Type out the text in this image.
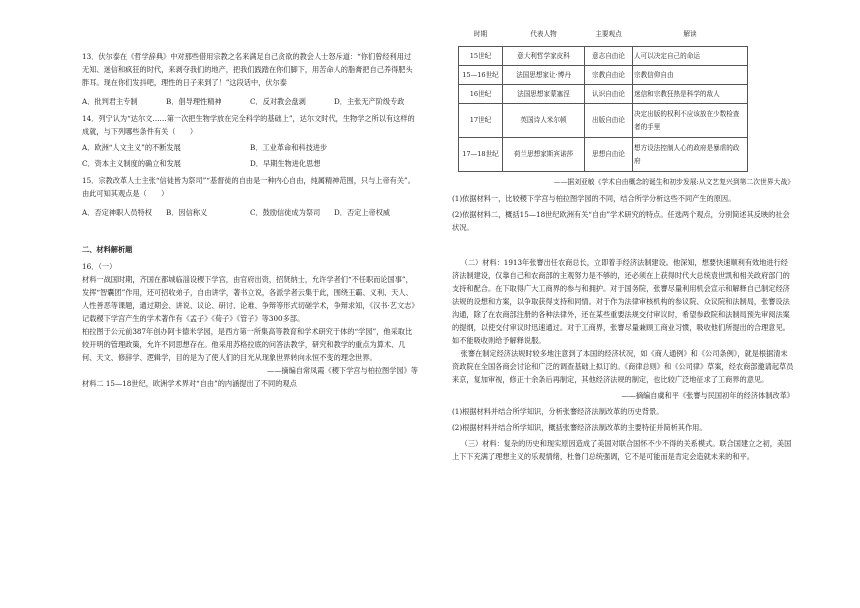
13．伏尔泰在《哲学辞典》中对那些借用宗教之名来满足自己贪欲的教会人士怒斥道：“你们曾经利用过无知、迷信和疯狂的时代，来剥夺我们的地产，把我们践踏在你们脚下，用苦命人的脂膏把自己养得肥头胖耳。现在你们发抖吧，理性的日子来到了！”这段话中，伏尔泰

A．批判君主专制	B．倡导理性精神	C．反对教会盘剥	D．主张无产阶级专政

14．列宁认为“达尔文……第一次把生物学放在完全科学的基础上”，达尔文时代，生物学之所以有这样的成就，与下列哪些条件有关（　　）

A．欧洲“人文主义”的不断发展	B．工业革命和科技进步
C．资本主义制度的确立和发展	D．早期生物进化思想

15．宗教改革人士主张“信徒皆为祭司”“基督徒的自由是一种内心自由，纯属精神范围，只与上帝有关”。由此可知其观点是（　　）

A．否定神职人员特权	B．因信称义	C．鼓励信徒成为祭司	D．否定上帝权威

二、材料解析题

16．（一）

材料一战国时期，齐国在都城临淄设稷下学宫，由官府出资，招贤纳士，允许学者们“不任职而论国事”，发挥“智囊团”作用，还可招收弟子，自由讲学，著书立说，各派学者云集于此，围绕王霸、义利、天人、人性善恶等课题，通过期会、讲说、议论、研讨、论难、争辩等形式切磋学术，争辩求知，《汉书·艺文志》记载稷下学宫产生的学术著作有《孟子》《荀子》《管子》等300多部。

柏拉图于公元前387年创办阿卡德米学园，是西方第一所集高等教育和学术研究于体的“学园”，他采取比较开明的管理政策，允许不同思想存在。他采用苏格拉底的问答法教学，研究和教学的重点为算术、几何、天文、修辞学、逻辑学，目的是为了使人们的目光从现象世界转向永恒不变的理念世界。

——摘编自常凤霞《稷下学宫与柏拉图学园》等

材料二 15—18世纪，欧洲学术界对“自由”的内涵提出了不同的观点

时期	代表人物	主要观点	解读
15世纪	意大利哲学家皮科	意志自由论	人可以决定自己的命运
15—16世纪	法国思想家让·博丹	宗教自由论	宗教信仰自由
16世纪	法国思想家蒙塞涅	认识自由论	迷信和宗教狂热是科学的敌人
17世纪	英国诗人米尔顿	出版自由论	决定出版的权利不应该放在少数检查者的手里
17—18世纪	荷兰思想家斯宾诺莎	思想自由论	想方设法控制人心的政府是暴虐的政府

——据刘亚敏《学术自由概念的诞生和初步发展:从文艺复兴到第二次世界大战》

(1)依据材料一，比较稷下学宫与柏拉图学园的不同，结合所学分析这些不同产生的原因。

(2)依据材料二，概括15—18世纪欧洲有关“自由”学术研究的特点。任选两个观点，分别简述其反映的社会状况。

（二）材料：1913年张謇出任农商总长，立即着手经济法制建设。他深知，想要快速顺利有效地进行经济法制建设，仅靠自己和农商部的主观努力是不够的，还必须在上获得时代大总统袁世凯和相关政府部门的支持和配合。在下取得广大工商界的参与和拥护。对于国务院，张謇尽量利用机会宣示和解释自己制定经济法规的设想和方案，以争取获得支持和同情。对于作为法律审核机构的参议院、众议院和法制局，张謇设法沟通，除了在农商部注册的各种法律外，还在某些重要法规交付审议时，希望参政院和法制局预先审阅法案的提纲，以使交付审议时迅速通过。对于工商界，张謇尽量兼顾工商业习惯，吸收他们所提出的合理意见。如不能吸收则给予解释说服。

张謇在制定经济法规时较多地注意到了本国的经济状况，如《商人通例》和《公司条例》，就是根据清末资政院在全国各商会讨论和广泛的调查基础上拟订的。《商律总则》和《公司律》草案，经农商部邀请起草员来京，复加审视，修正十余条后再制定，其他经济法规的制定，也比较广泛地征求了工商界的意见。

——摘编自虞和平《张謇与民国初年的经济体制改革》

(1)根据材料并结合所学知识，分析张謇经济法制改革的历史背景。

(2)根据材料并结合所学知识，概括张謇经济法制改革的主要特征并简析其作用。

（三）材料：复杂的历史和现实原因造成了美国对联合国怀不少不得的关系模式。联合国建立之初，美国上下下充满了理想主义的乐观情绪，杜鲁门总统强调，它不是可能而是肯定会造就未来的和平。
